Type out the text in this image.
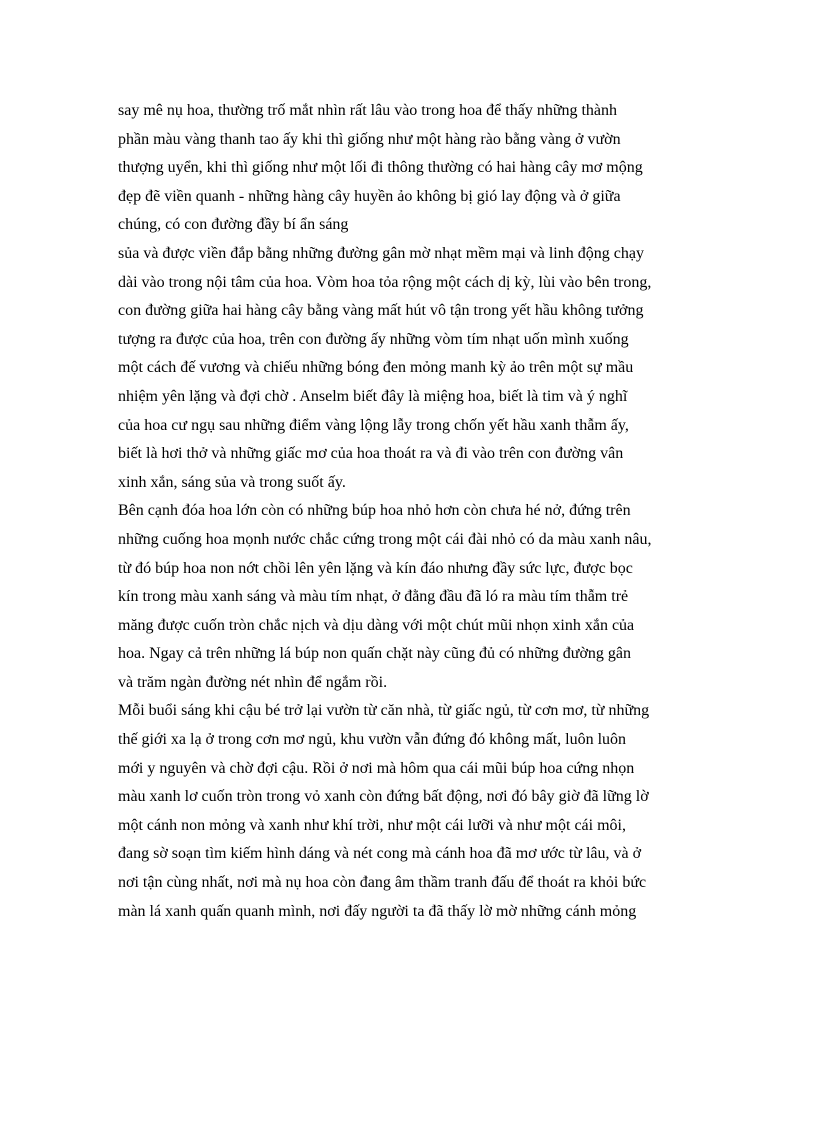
say mê nụ hoa, thường trố mắt nhìn rất lâu vào trong hoa để thấy những thành
phần màu vàng thanh tao ấy khi thì giống như một hàng rào bằng vàng ở vườn
thượng uyển, khi thì giống như một lối đi thông thường có hai hàng cây mơ mộng
đẹp đẽ viền quanh - những hàng cây huyền ảo không bị gió lay động và ở giữa
chúng, có con đường đầy bí ẩn sáng
sủa và được viền đắp bằng những đường gân mờ nhạt mềm mại và linh động chạy
dài vào trong nội tâm của hoa. Vòm hoa tỏa rộng một cách dị kỳ, lùi vào bên trong,
con đường giữa hai hàng cây bằng vàng mất hút vô tận trong yết hầu không tưởng
tượng ra được của hoa, trên con đường ấy những vòm tím nhạt uốn mình xuống
một cách đế vương và chiếu những bóng đen mỏng manh kỳ ảo trên một sự mầu
nhiệm yên lặng và đợi chờ . Anselm biết đây là miệng hoa, biết là tim và ý nghĩ
của hoa cư ngụ sau những điểm vàng lộng lẫy trong chốn yết hầu xanh thẫm ấy,
biết là hơi thở và những giấc mơ của hoa thoát ra và đi vào trên con đường vân
xinh xắn, sáng sủa và trong suốt ấy.
Bên cạnh đóa hoa lớn còn có những búp hoa nhỏ hơn còn chưa hé nở, đứng trên
những cuống hoa mọnh nước chắc cứng trong một cái đài nhỏ có da màu xanh nâu,
từ đó búp hoa non nớt chồi lên yên lặng và kín đáo nhưng đầy sức lực, được bọc
kín trong màu xanh sáng và màu tím nhạt, ở đằng đầu đã ló ra màu tím thẫm trẻ
măng được cuốn tròn chắc nịch và dịu dàng với một chút mũi nhọn xinh xắn của
hoa. Ngay cả trên những lá búp non quấn chặt này cũng đủ có những đường gân
và trăm ngàn đường nét nhìn để ngắm rồi.
Mỗi buổi sáng khi cậu bé trở lại vườn từ căn nhà, từ giấc ngủ, từ cơn mơ, từ những
thế giới xa lạ ở trong cơn mơ ngủ, khu vườn vẫn đứng đó không mất, luôn luôn
mới y nguyên và chờ đợi cậu. Rồi ở nơi mà hôm qua cái mũi búp hoa cứng nhọn
màu xanh lơ cuốn tròn trong vỏ xanh còn đứng bất động, nơi đó bây giờ đã lững lờ
một cánh non mỏng và xanh như khí trời, như một cái lưỡi và như một cái môi,
đang sờ soạn tìm kiếm hình dáng và nét cong mà cánh hoa đã mơ ước từ lâu, và ở
nơi tận cùng nhất, nơi mà nụ hoa còn đang âm thầm tranh đấu để thoát ra khỏi bức
màn lá xanh quấn quanh mình, nơi đấy người ta đã thấy lờ mờ những cánh mỏng
